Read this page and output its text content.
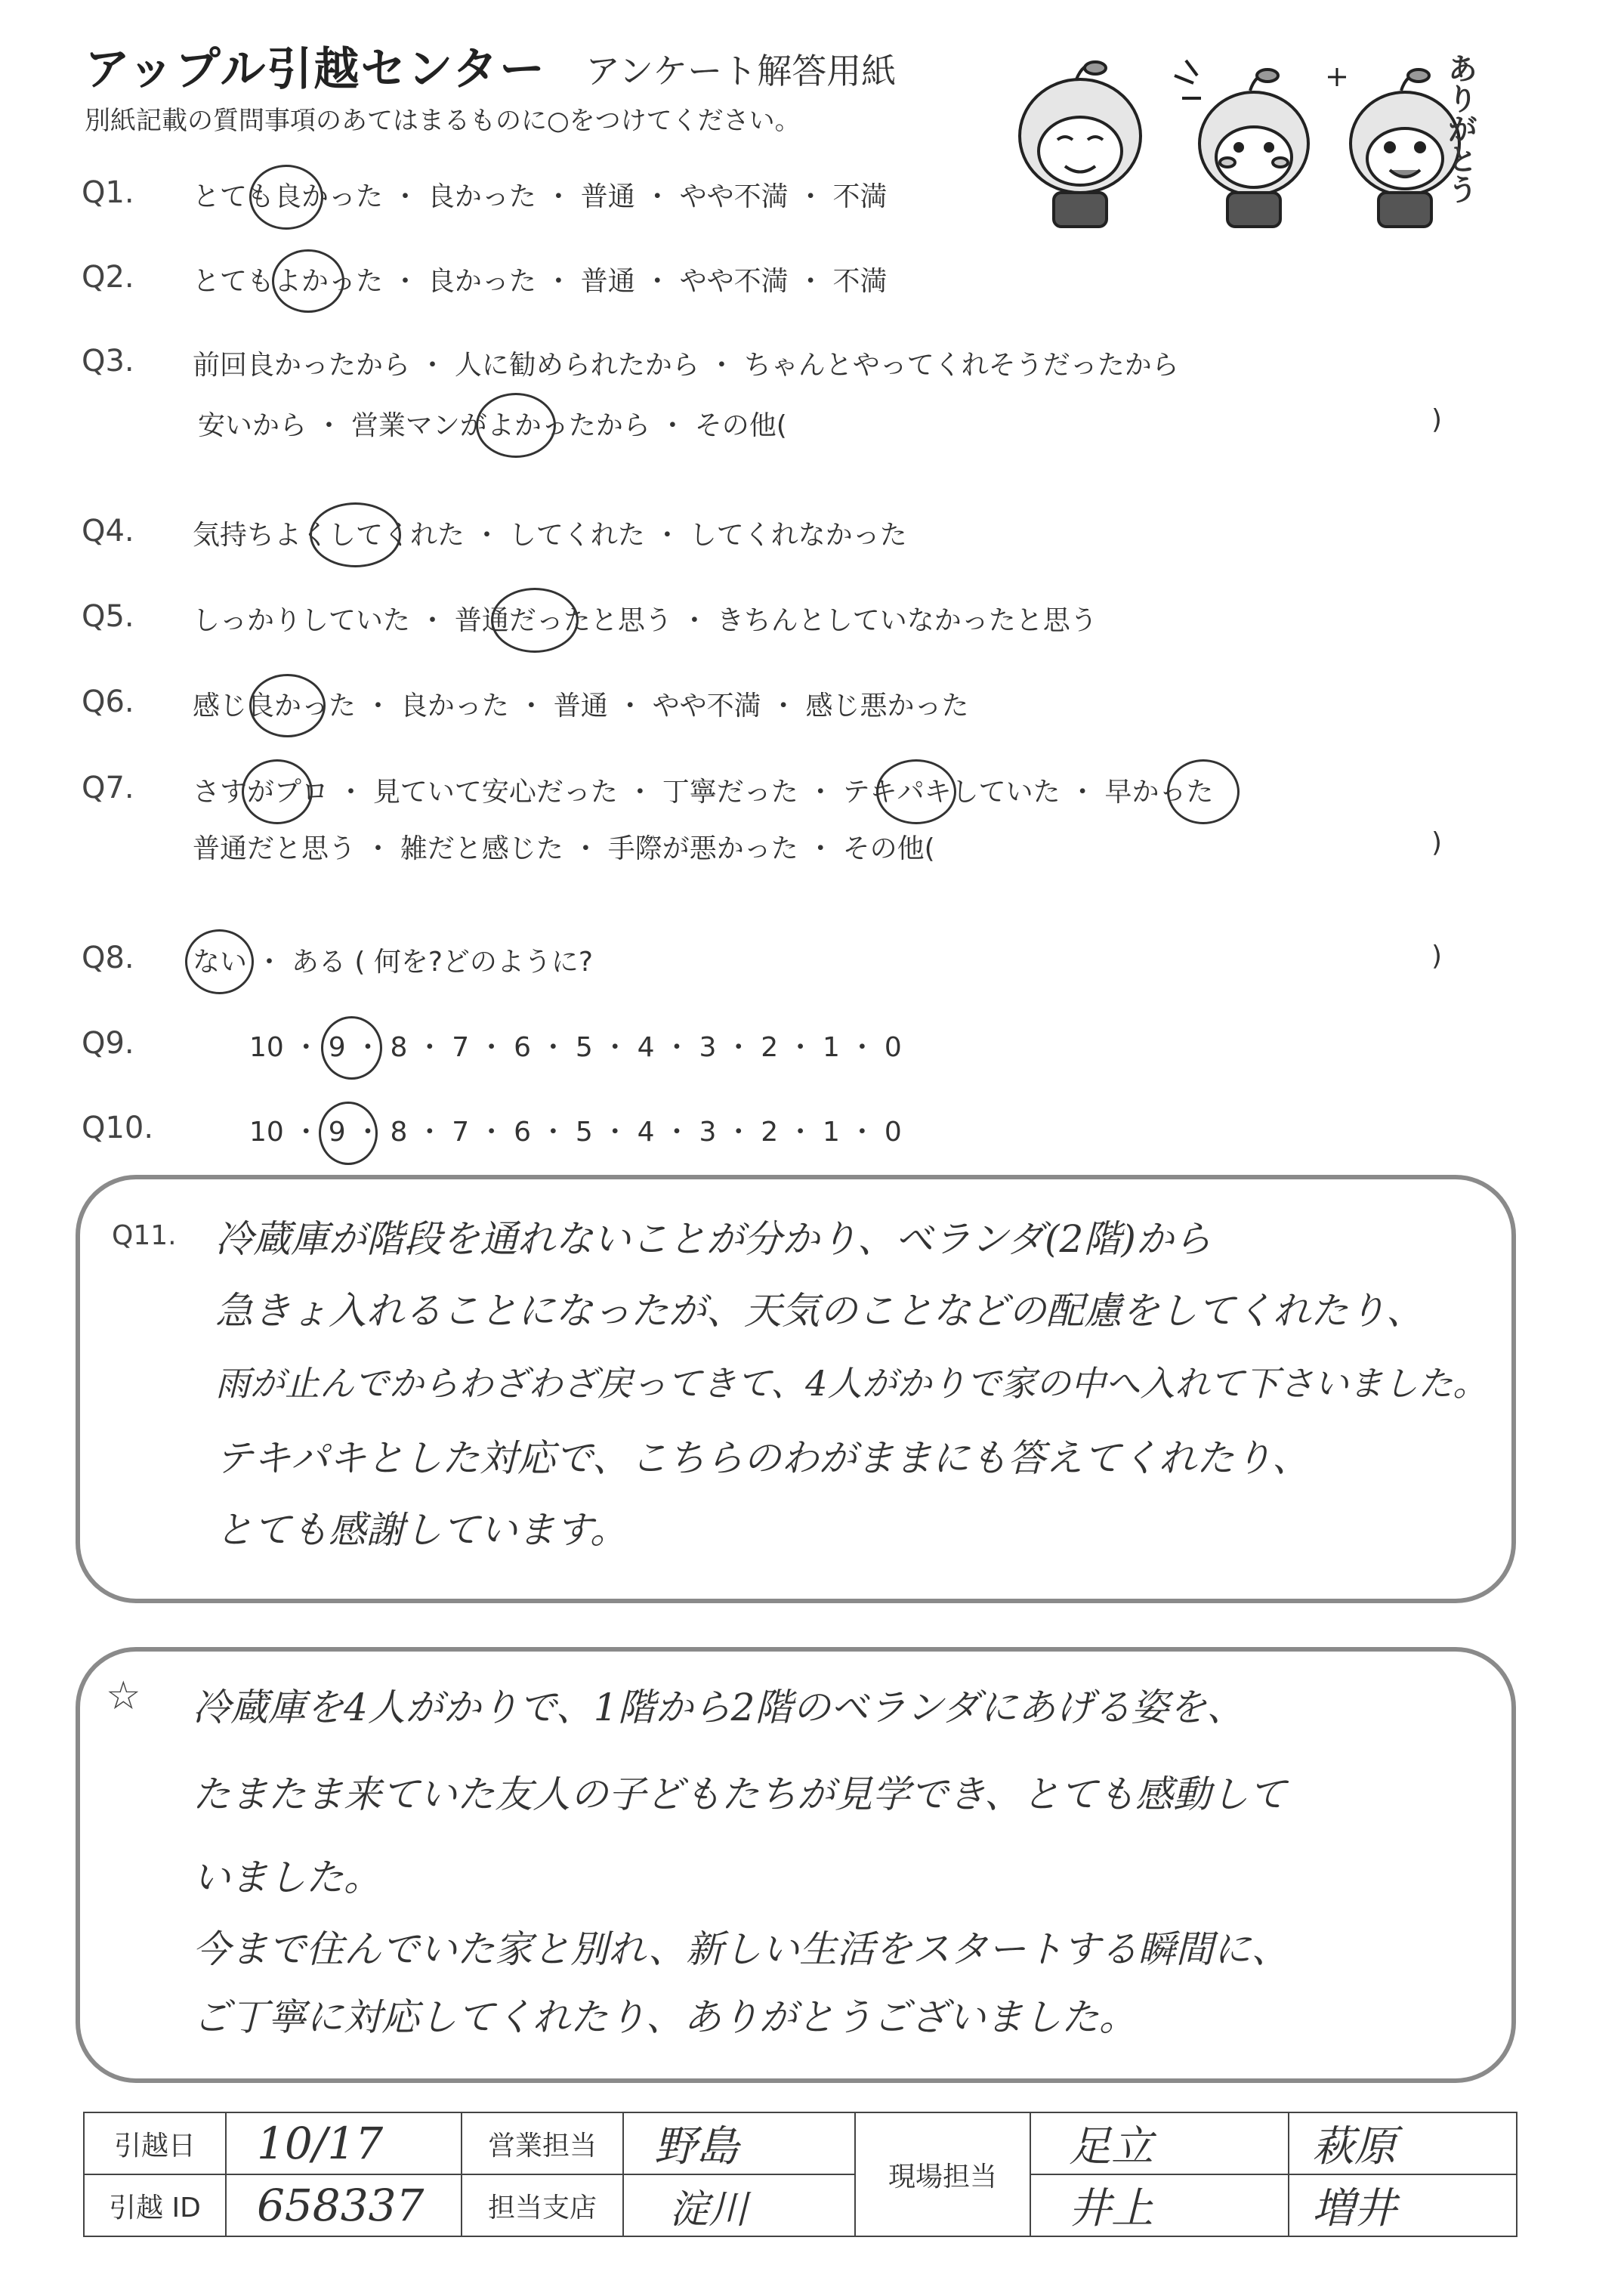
アップル引越センター アンケート解答用紙
別紙記載の質問事項のあてはまるものに○をつけてください。	ありがとう
Q1. とても良かった ・ 良かった ・ 普通 ・ やや不満 ・ 不満
Q2. とてもよかった ・ 良かった ・ 普通 ・ やや不満 ・ 不満
Q3. 前回良かったから ・ 人に勧められたから ・ ちゃんとやってくれそうだったから
安いから ・ 営業マンがよかったから ・ その他(	)
Q4. 気持ちよくしてくれた ・ してくれた ・ してくれなかった
Q5. しっかりしていた ・ 普通だったと思う ・ きちんとしていなかったと思う
Q6. 感じ良かった ・ 良かった ・ 普通 ・ やや不満 ・ 感じ悪かった
Q7. さすがプロ ・ 見ていて安心だった ・ 丁寧だった ・ テキパキしていた ・ 早かった
普通だと思う ・ 雑だと感じた ・ 手際が悪かった ・ その他(	)
Q8. ない ・ ある ( 何を?どのように?	)
Q9.	10 ・ 9 ・ 8 ・ 7 ・ 6 ・ 5 ・ 4 ・ 3 ・ 2 ・ 1 ・ 0
Q10.	10 ・ 9 ・ 8 ・ 7 ・ 6 ・ 5 ・ 4 ・ 3 ・ 2 ・ 1 ・ 0
Q11. 冷蔵庫が階段を通れないことが分かり、ベランダ(2階)から
急きょ入れることになったが、天気のことなどの配慮をしてくれたり、
雨が止んでからわざわざ戻ってきて、4人がかりで家の中へ入れて下さいました。
テキパキとした対応で、こちらのわがままにも答えてくれたり、
とても感謝しています。
☆ 冷蔵庫を4人がかりで、1階から2階のベランダにあげる姿を、
たまたま来ていた友人の子どもたちが見学でき、とても感動して
いました。
今まで住んでいた家と別れ、新しい生活をスタートする瞬間に、
ご丁寧に対応してくれたり、ありがとうございました。
引越日	10/17	営業担当	野島	現場担当	足立	萩原
引越 ID	658337	担当支店	淀川		井上	増井
